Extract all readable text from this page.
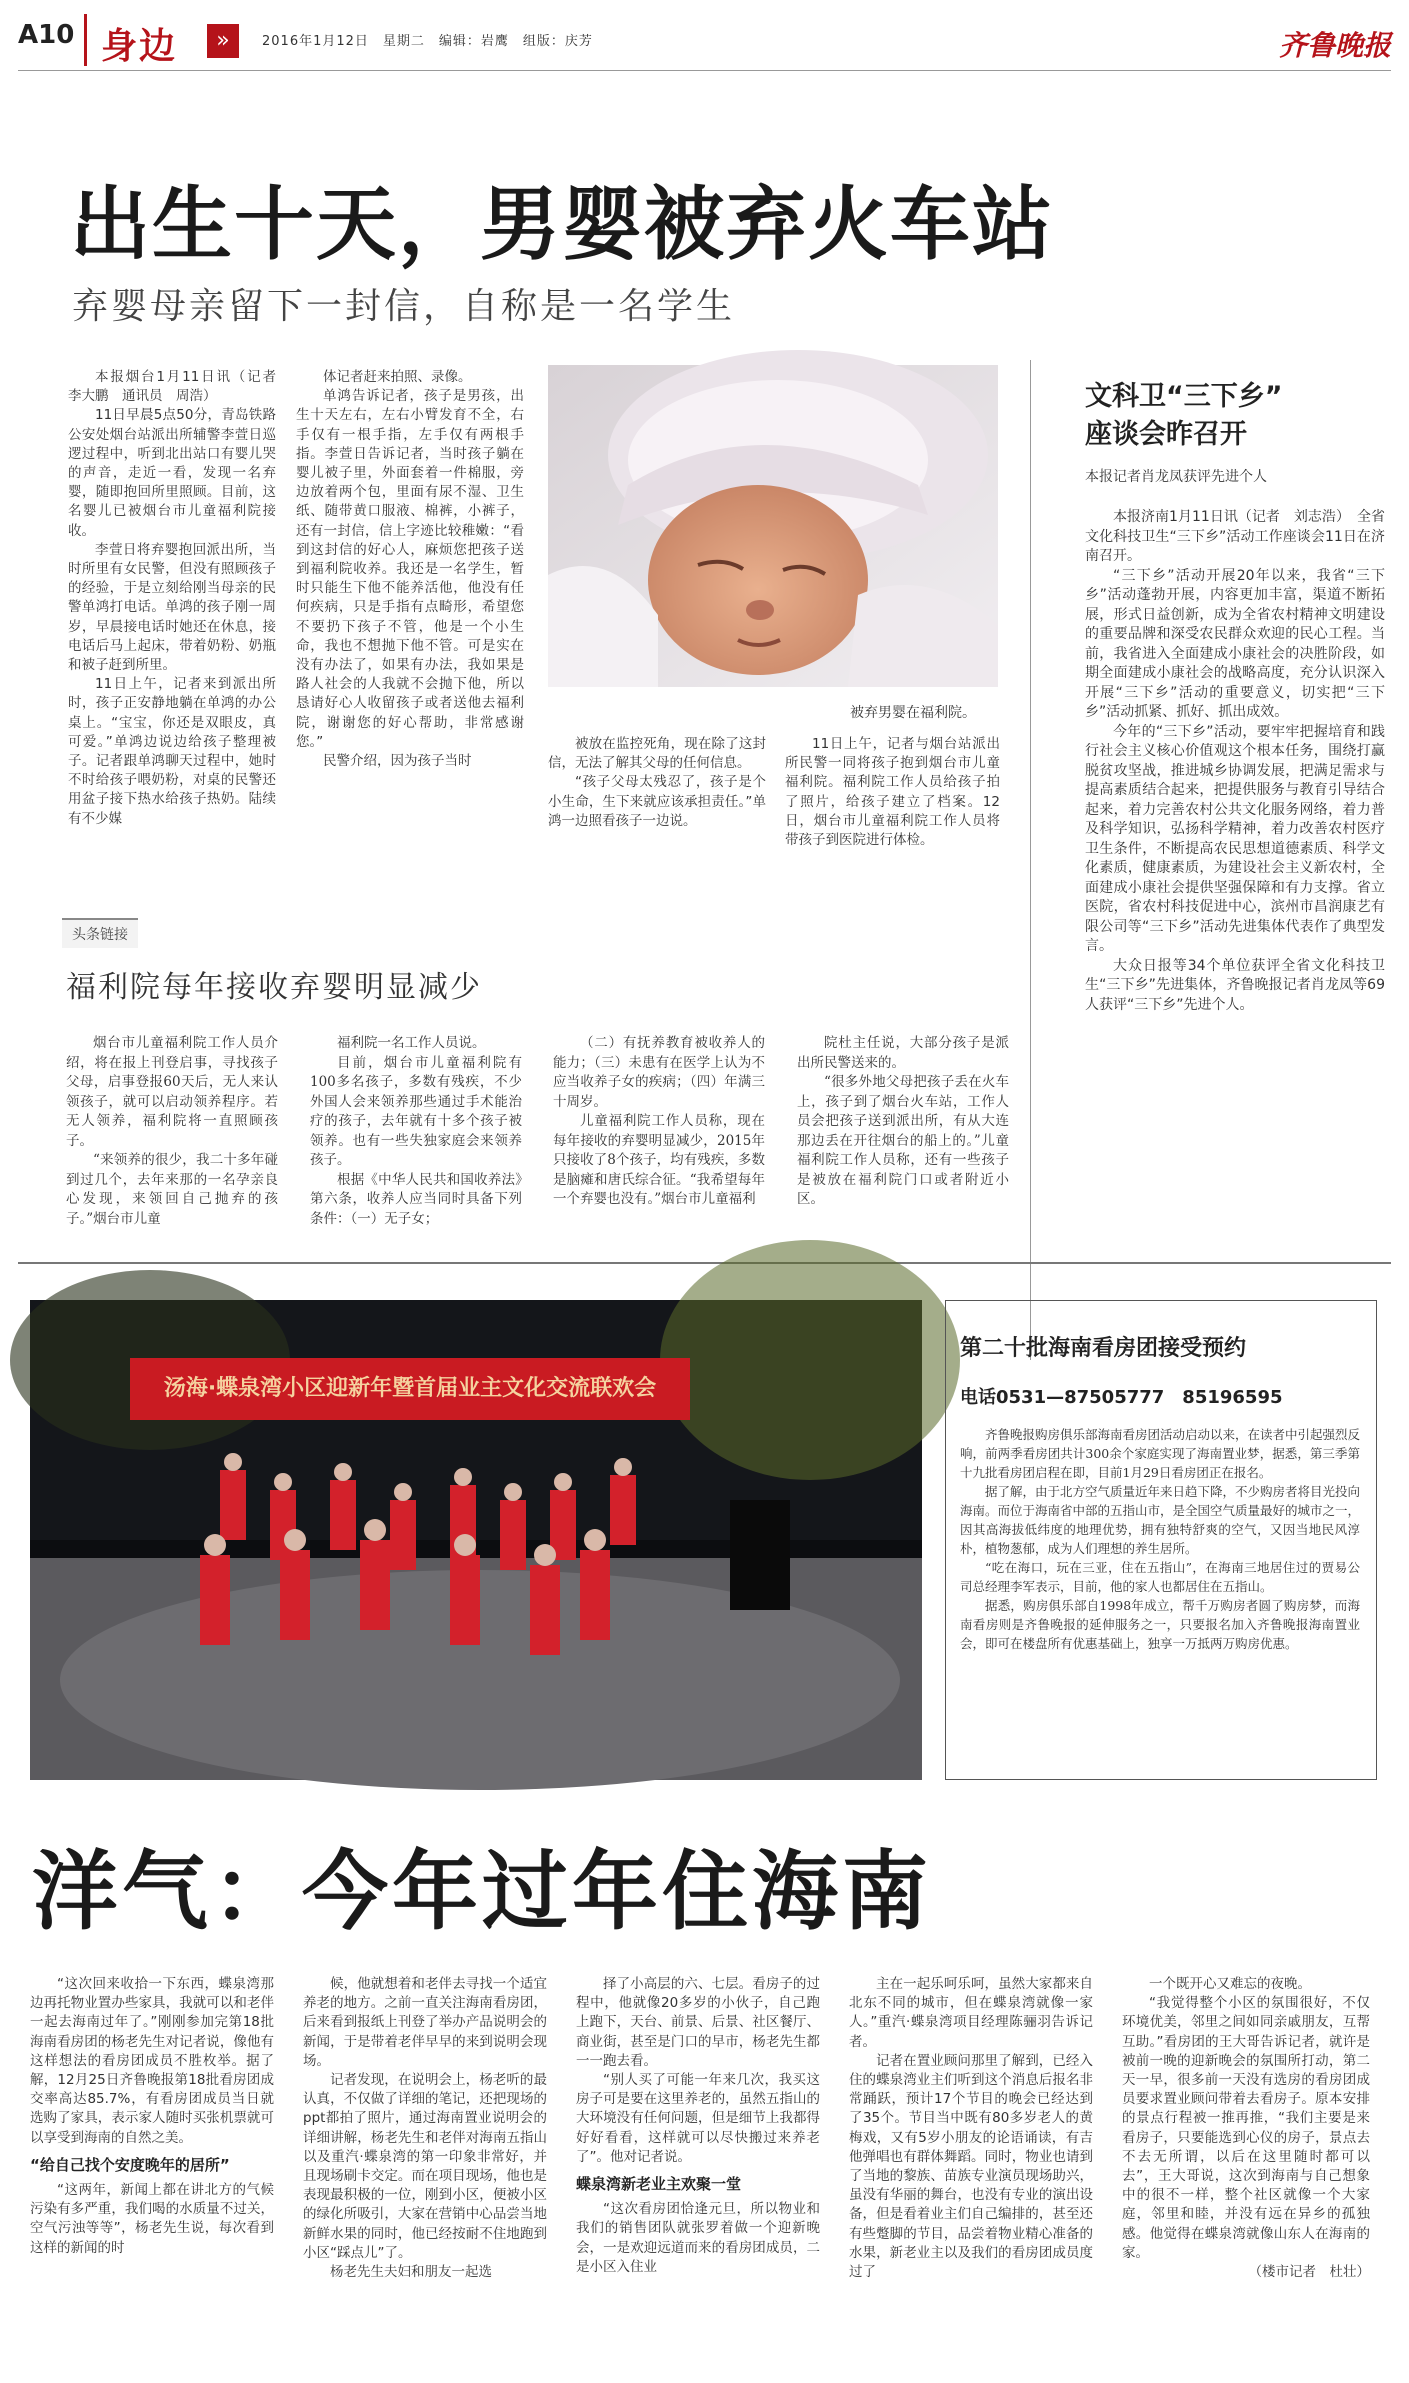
A10 身边	»	2016年1月12日　星期二　编辑：岩鹰　组版：庆芳	齐鲁晚报
出生十天，男婴被弃火车站
弃婴母亲留下一封信，自称是一名学生

本报烟台1月11日讯（记者　李大鹏　通讯员　周浩）

11日早晨5点50分，青岛铁路公安处烟台站派出所辅警李萱日巡逻过程中，听到北出站口有婴儿哭的声音，走近一看，发现一名弃婴，随即抱回所里照顾。目前，这名婴儿已被烟台市儿童福利院接收。

李萱日将弃婴抱回派出所，当时所里有女民警，但没有照顾孩子的经验，于是立刻给刚当母亲的民警单鸿打电话。单鸿的孩子刚一周岁，早晨接电话时她还在休息，接电话后马上起床，带着奶粉、奶瓶和被子赶到所里。

11日上午，记者来到派出所时，孩子正安静地躺在单鸿的办公桌上。“宝宝，你还是双眼皮，真可爱。”单鸿边说边给孩子整理被子。记者跟单鸿聊天过程中，她时不时给孩子喂奶粉，对桌的民警还用盆子接下热水给孩子热奶。陆续有不少媒

体记者赶来拍照、录像。

单鸿告诉记者，孩子是男孩，出生十天左右，左右小臂发育不全，右手仅有一根手指，左手仅有两根手指。李萱日告诉记者，当时孩子躺在婴儿被子里，外面套着一件棉服，旁边放着两个包，里面有尿不湿、卫生纸、随带黄口服液、棉裤，小裤子，还有一封信，信上字迹比较稚嫩：“看到这封信的好心人，麻烦您把孩子送到福利院收养。我还是一名学生，暂时只能生下他不能养活他，他没有任何疾病，只是手指有点畸形，希望您不要扔下孩子不管，他是一个小生命，我也不想抛下他不管。可是实在没有办法了，如果有办法，我如果是路人社会的人我就不会抛下他，所以恳请好心人收留孩子或者送他去福利院，谢谢您的好心帮助，非常感谢您。”

民警介绍，因为孩子当时

被弃男婴在福利院。

被放在监控死角，现在除了这封信，无法了解其父母的任何信息。

“孩子父母太残忍了，孩子是个小生命，生下来就应该承担责任。”单鸿一边照看孩子一边说。

11日上午，记者与烟台站派出所民警一同将孩子抱到烟台市儿童福利院。福利院工作人员给孩子拍了照片，给孩子建立了档案。12日，烟台市儿童福利院工作人员将带孩子到医院进行体检。

文科卫“三下乡”
座谈会昨召开
本报记者肖龙凤获评先进个人

本报济南1月11日讯（记者　刘志浩）　全省文化科技卫生“三下乡”活动工作座谈会11日在济南召开。

“三下乡”活动开展20年以来，我省“三下乡”活动蓬勃开展，内容更加丰富，渠道不断拓展，形式日益创新，成为全省农村精神文明建设的重要品牌和深受农民群众欢迎的民心工程。当前，我省进入全面建成小康社会的决胜阶段，如期全面建成小康社会的战略高度，充分认识深入开展“三下乡”活动的重要意义，切实把“三下乡”活动抓紧、抓好、抓出成效。

今年的“三下乡”活动，要牢牢把握培育和践行社会主义核心价值观这个根本任务，围绕打赢脱贫攻坚战，推进城乡协调发展，把满足需求与提高素质结合起来，把提供服务与教育引导结合起来，着力完善农村公共文化服务网络，着力普及科学知识，弘扬科学精神，着力改善农村医疗卫生条件，不断提高农民思想道德素质、科学文化素质，健康素质，为建设社会主义新农村，全面建成小康社会提供坚强保障和有力支撑。省立医院，省农村科技促进中心，滨州市昌润康艺有限公司等“三下乡”活动先进集体代表作了典型发言。

大众日报等34个单位获评全省文化科技卫生“三下乡”先进集体，齐鲁晚报记者肖龙凤等69人获评“三下乡”先进个人。

头条链接
福利院每年接收弃婴明显减少

烟台市儿童福利院工作人员介绍，将在报上刊登启事，寻找孩子父母，启事登报60天后，无人来认领孩子，就可以启动领养程序。若无人领养，福利院将一直照顾孩子。

“来领养的很少，我二十多年碰到过几个，去年来那的一名孕亲良心发现，来领回自己抛弃的孩子。”烟台市儿童

福利院一名工作人员说。

目前，烟台市儿童福利院有100多名孩子，多数有残疾，不少外国人会来领养那些通过手术能治疗的孩子，去年就有十多个孩子被领养。也有一些失独家庭会来领养孩子。

根据《中华人民共和国收养法》第六条，收养人应当同时具备下列条件：（一）无子女；

（二）有抚养教育被收养人的能力；（三）未患有在医学上认为不应当收养子女的疾病；（四）年满三十周岁。

儿童福利院工作人员称，现在每年接收的弃婴明显减少，2015年只接收了8个孩子，均有残疾，多数是脑瘫和唐氏综合征。“我希望每年一个弃婴也没有。”烟台市儿童福利

院杜主任说，大部分孩子是派出所民警送来的。

“很多外地父母把孩子丢在火车上，孩子到了烟台火车站，工作人员会把孩子送到派出所，有从大连那边丢在开往烟台的船上的。”儿童福利院工作人员称，还有一些孩子是被放在福利院门口或者附近小区。

汤海·蝶泉湾小区迎新年暨首届业主文化交流联欢会
第二十批海南看房团接受预约
电话0531—87505777　85196595

齐鲁晚报购房俱乐部海南看房团活动启动以来，在读者中引起强烈反响，前两季看房团共计300余个家庭实现了海南置业梦，据悉，第三季第十九批看房团启程在即，目前1月29日看房团正在报名。

据了解，由于北方空气质量近年来日趋下降，不少购房者将目光投向海南。而位于海南省中部的五指山市，是全国空气质量最好的城市之一，因其高海拔低纬度的地理优势，拥有独特舒爽的空气，又因当地民风淳朴，植物葱郁，成为人们理想的养生居所。

“吃在海口，玩在三亚，住在五指山”，在海南三地居住过的贾易公司总经理李军表示，目前，他的家人也都居住在五指山。

据悉，购房俱乐部自1998年成立，帮千万购房者圆了购房梦，而海南看房则是齐鲁晚报的延伸服务之一，只要报名加入齐鲁晚报海南置业会，即可在楼盘所有优惠基础上，独享一万抵两万购房优惠。

洋气：今年过年住海南

“这次回来收拾一下东西，蝶泉湾那边再托物业置办些家具，我就可以和老伴一起去海南过年了。”刚刚参加完第18批海南看房团的杨老先生对记者说，像他有这样想法的看房团成员不胜枚举。据了解，12月25日齐鲁晚报第18批看房团成交率高达85.7%，有看房团成员当日就选购了家具，表示家人随时买张机票就可以享受到海南的自然之美。

“给自己找个安度晚年的居所”

“这两年，新闻上都在讲北方的气候污染有多严重，我们喝的水质量不过关，空气污浊等等”，杨老先生说，每次看到这样的新闻的时

候，他就想着和老伴去寻找一个适宜养老的地方。之前一直关注海南看房团，后来看到报纸上刊登了举办产品说明会的新闻，于是带着老伴早早的来到说明会现场。

记者发现，在说明会上，杨老听的最认真，不仅做了详细的笔记，还把现场的ppt都拍了照片，通过海南置业说明会的详细讲解，杨老先生和老伴对海南五指山以及重汽·蝶泉湾的第一印象非常好，并且现场刷卡交定。而在项目现场，他也是表现最积极的一位，刚到小区，便被小区的绿化所吸引，大家在营销中心品尝当地新鲜水果的同时，他已经按耐不住地跑到小区“踩点儿”了。

杨老先生夫妇和朋友一起选

择了小高层的六、七层。看房子的过程中，他就像20多岁的小伙子，自己跑上跑下，天台、前景、后景、社区餐厅、商业街，甚至是门口的早市，杨老先生都一一跑去看。

“别人买了可能一年来几次，我买这房子可是要在这里养老的，虽然五指山的大环境没有任何问题，但是细节上我都得好好看看，这样就可以尽快搬过来养老了”。他对记者说。

蝶泉湾新老业主欢聚一堂

“这次看房团恰逢元旦，所以物业和我们的销售团队就张罗着做一个迎新晚会，一是欢迎远道而来的看房团成员，二是小区入住业

主在一起乐呵乐呵，虽然大家都来自北东不同的城市，但在蝶泉湾就像一家人。”重汽·蝶泉湾项目经理陈骊羽告诉记者。

记者在置业顾问那里了解到，已经入住的蝶泉湾业主们听到这个消息后报名非常踊跃，预计17个节目的晚会已经达到了35个。节目当中既有80多岁老人的黄梅戏，又有5岁小朋友的论语诵读，有吉他弹唱也有群体舞蹈。同时，物业也请到了当地的黎族、苗族专业演员现场助兴，虽没有华丽的舞台，也没有专业的演出设备，但是看着业主们自己编排的，甚至还有些蹩脚的节目，品尝着物业精心准备的水果，新老业主以及我们的看房团成员度过了

一个既开心又难忘的夜晚。

“我觉得整个小区的氛围很好，不仅环境优美，邻里之间如同亲戚朋友，互帮互助。”看房团的王大哥告诉记者，就许是被前一晚的迎新晚会的氛围所打动，第二天一早，很多前一天没有选房的看房团成员要求置业顾问带着去看房子。原本安排的景点行程被一推再推，“我们主要是来看房子，只要能选到心仪的房子，景点去不去无所谓，以后在这里随时都可以去”，王大哥说，这次到海南与自己想象中的很不一样，整个社区就像一个大家庭，邻里和睦，并没有远在异乡的孤独感。他觉得在蝶泉湾就像山东人在海南的家。

（楼市记者　杜壮）
